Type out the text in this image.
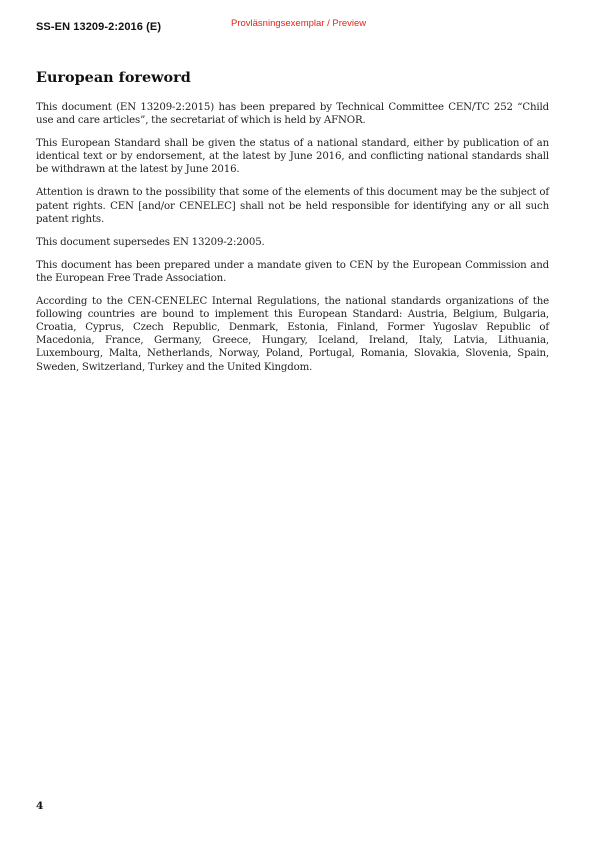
SS-EN 13209-2:2016 (E)	Provläsningsexemplar / Preview
European foreword

This document (EN 13209-2:2015) has been prepared by Technical Committee CEN/TC 252 “Child use and care articles”, the secretariat of which is held by AFNOR.

This European Standard shall be given the status of a national standard, either by publication of an identical text or by endorsement, at the latest by June 2016, and conflicting national standards shall be withdrawn at the latest by June 2016.

Attention is drawn to the possibility that some of the elements of this document may be the subject of patent rights. CEN [and/or CENELEC] shall not be held responsible for identifying any or all such patent rights.

This document supersedes EN 13209-2:2005.

This document has been prepared under a mandate given to CEN by the European Commission and the European Free Trade Association.

According to the CEN-CENELEC Internal Regulations, the national standards organizations of the following countries are bound to implement this European Standard: Austria, Belgium, Bulgaria, Croatia, Cyprus, Czech Republic, Denmark, Estonia, Finland, Former Yugoslav Republic of Macedonia, France, Germany, Greece, Hungary, Iceland, Ireland, Italy, Latvia, Lithuania, Luxembourg, Malta, Netherlands, Norway, Poland, Portugal, Romania, Slovakia, Slovenia, Spain, Sweden, Switzerland, Turkey and the United Kingdom.

4
